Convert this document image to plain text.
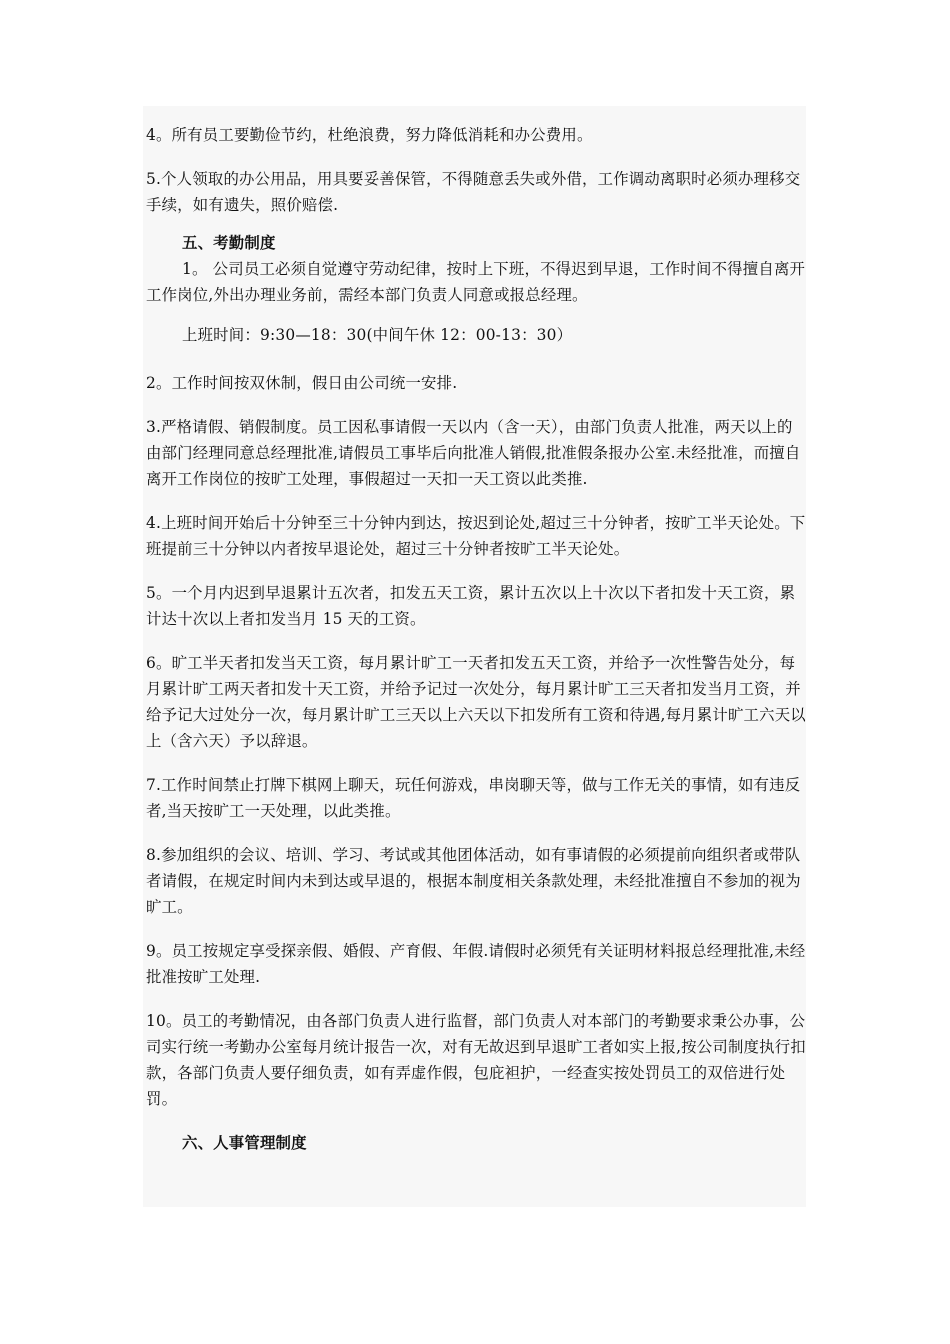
4。所有员工要勤俭节约，杜绝浪费，努力降低消耗和办公费用。

5.个人领取的办公用品，用具要妥善保管，不得随意丢失或外借，工作调动离职时必须办理移交手续，如有遗失，照价赔偿.

五、考勤制度

1。 公司员工必须自觉遵守劳动纪律，按时上下班，不得迟到早退，工作时间不得擅自离开工作岗位,外出办理业务前，需经本部门负责人同意或报总经理。

上班时间：9:30—18：30(中间午休 12：00-13：30）

2。工作时间按双休制，假日由公司统一安排.

3.严格请假、销假制度。员工因私事请假一天以内（含一天），由部门负责人批准，两天以上的由部门经理同意总经理批准,请假员工事毕后向批准人销假,批准假条报办公室.未经批准，而擅自离开工作岗位的按旷工处理，事假超过一天扣一天工资以此类推.

4.上班时间开始后十分钟至三十分钟内到达，按迟到论处,超过三十分钟者，按旷工半天论处。下班提前三十分钟以内者按早退论处，超过三十分钟者按旷工半天论处。

5。一个月内迟到早退累计五次者，扣发五天工资，累计五次以上十次以下者扣发十天工资，累计达十次以上者扣发当月 15 天的工资。

6。旷工半天者扣发当天工资，每月累计旷工一天者扣发五天工资，并给予一次性警告处分，每月累计旷工两天者扣发十天工资，并给予记过一次处分，每月累计旷工三天者扣发当月工资，并给予记大过处分一次，每月累计旷工三天以上六天以下扣发所有工资和待遇,每月累计旷工六天以上（含六天）予以辞退。

7.工作时间禁止打牌下棋网上聊天，玩任何游戏，串岗聊天等，做与工作无关的事情，如有违反者,当天按旷工一天处理，以此类推。

8.参加组织的会议、培训、学习、考试或其他团体活动，如有事请假的必须提前向组织者或带队者请假，在规定时间内未到达或早退的，根据本制度相关条款处理，未经批准擅自不参加的视为旷工。

9。员工按规定享受探亲假、婚假、产育假、年假.请假时必须凭有关证明材料报总经理批准,未经批准按旷工处理.

10。员工的考勤情况，由各部门负责人进行监督，部门负责人对本部门的考勤要求秉公办事，公司实行统一考勤办公室每月统计报告一次，对有无故迟到早退旷工者如实上报,按公司制度执行扣款，各部门负责人要仔细负责，如有弄虚作假，包庇袒护，一经查实按处罚员工的双倍进行处罚。

六、人事管理制度
